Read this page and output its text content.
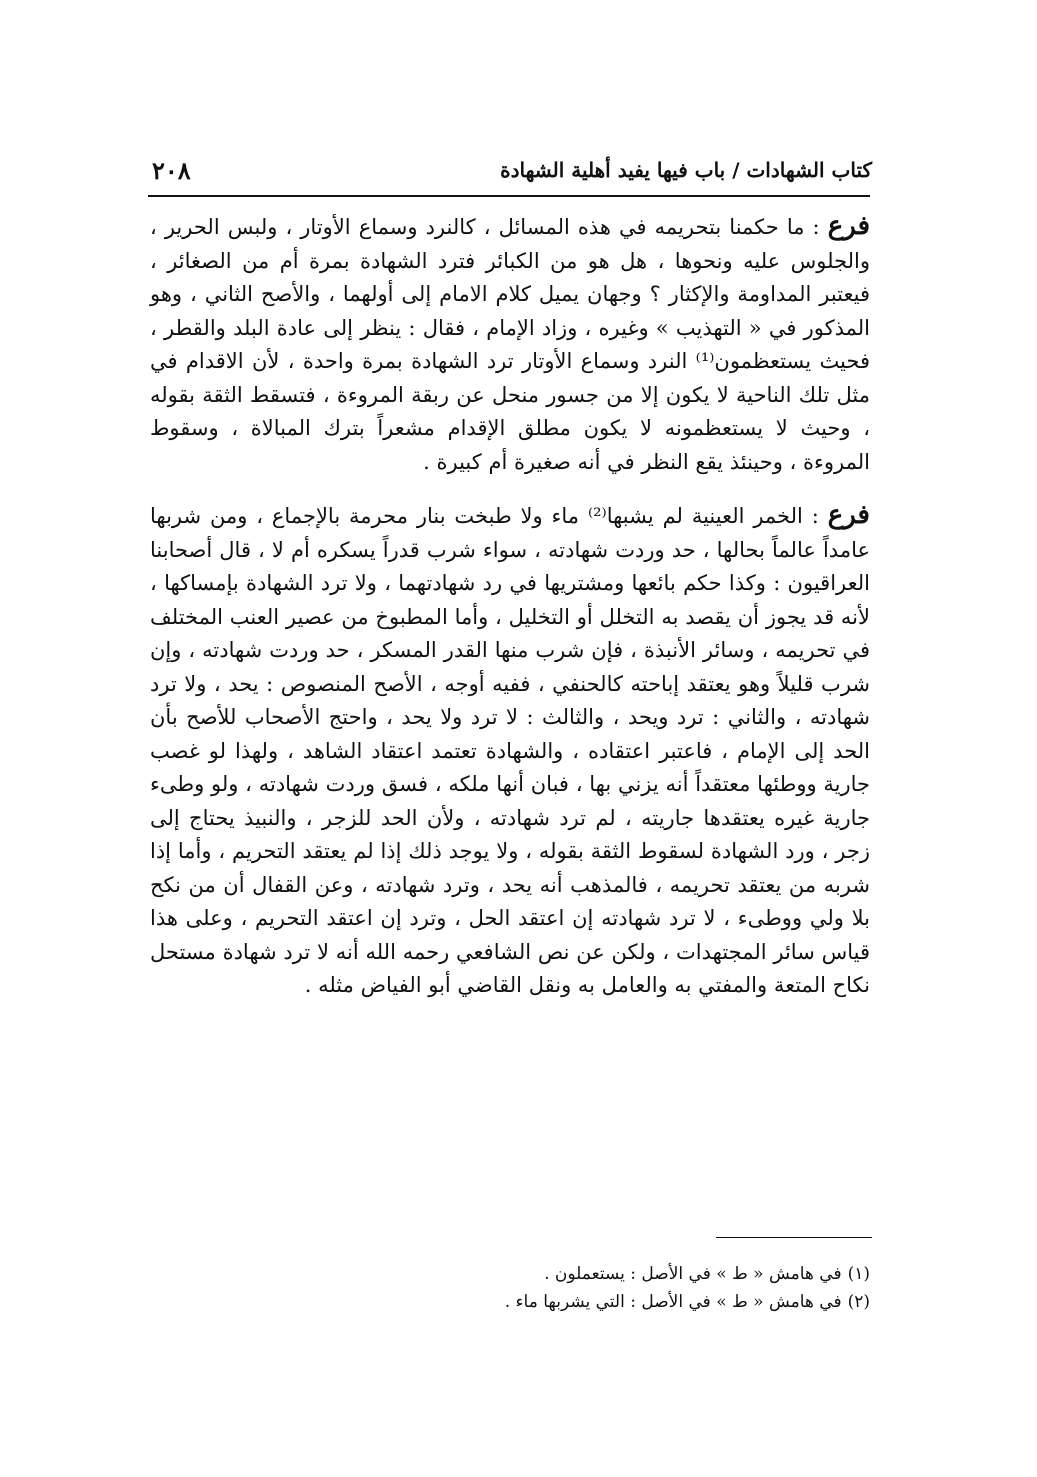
كتاب الشهادات / باب فيها يفيد أهلية الشهادة
٢٠٨

فرع : ما حكمنا بتحريمه في هذه المسائل ، كالنرد وسماع الأوتار ، ولبس الحرير ، والجلوس عليه ونحوها ، هل هو من الكبائر فترد الشهادة بمرة أم من الصغائر ، فيعتبر المداومة والإكثار ؟ وجهان يميل كلام الامام إلى أولهما ، والأصح الثاني ، وهو المذكور في « التهذيب » وغيره ، وزاد الإمام ، فقال : ينظر إلى عادة البلد والقطر ، فحيث يستعظمون⁽¹⁾ النرد وسماع الأوتار ترد الشهادة بمرة واحدة ، لأن الاقدام في مثل تلك الناحية لا يكون إلا من جسور منحل عن ربقة المروءة ، فتسقط الثقة بقوله ، وحيث لا يستعظمونه لا يكون مطلق الإقدام مشعراً بترك المبالاة ، وسقوط المروءة ، وحينئذ يقع النظر في أنه صغيرة أم كبيرة .

فرع : الخمر العينية لم يشبها⁽²⁾ ماء ولا طبخت بنار محرمة بالإجماع ، ومن شربها عامداً عالماً بحالها ، حد وردت شهادته ، سواء شرب قدراً يسكره أم لا ، قال أصحابنا العراقيون : وكذا حكم بائعها ومشتريها في رد شهادتهما ، ولا ترد الشهادة بإمساكها ، لأنه قد يجوز أن يقصد به التخلل أو التخليل ، وأما المطبوخ من عصير العنب المختلف في تحريمه ، وسائر الأنبذة ، فإن شرب منها القدر المسكر ، حد وردت شهادته ، وإن شرب قليلاً وهو يعتقد إباحته كالحنفي ، ففيه أوجه ، الأصح المنصوص : يحد ، ولا ترد شهادته ، والثاني : ترد ويحد ، والثالث : لا ترد ولا يحد ، واحتج الأصحاب للأصح بأن الحد إلى الإمام ، فاعتبر اعتقاده ، والشهادة تعتمد اعتقاد الشاهد ، ولهذا لو غصب جارية ووطئها معتقداً أنه يزني بها ، فبان أنها ملكه ، فسق وردت شهادته ، ولو وطىء جارية غيره يعتقدها جاريته ، لم ترد شهادته ، ولأن الحد للزجر ، والنبيذ يحتاج إلى زجر ، ورد الشهادة لسقوط الثقة بقوله ، ولا يوجد ذلك إذا لم يعتقد التحريم ، وأما إذا شربه من يعتقد تحريمه ، فالمذهب أنه يحد ، وترد شهادته ، وعن القفال أن من نكح بلا ولي ووطىء ، لا ترد شهادته إن اعتقد الحل ، وترد إن اعتقد التحريم ، وعلى هذا قياس سائر المجتهدات ، ولكن عن نص الشافعي رحمه الله أنه لا ترد شهادة مستحل نكاح المتعة والمفتي به والعامل به ونقل القاضي أبو الفياض مثله .

(١)في هامش « ط » في الأصل : يستعملون .

(٢)في هامش « ط » في الأصل : التي يشربها ماء .
